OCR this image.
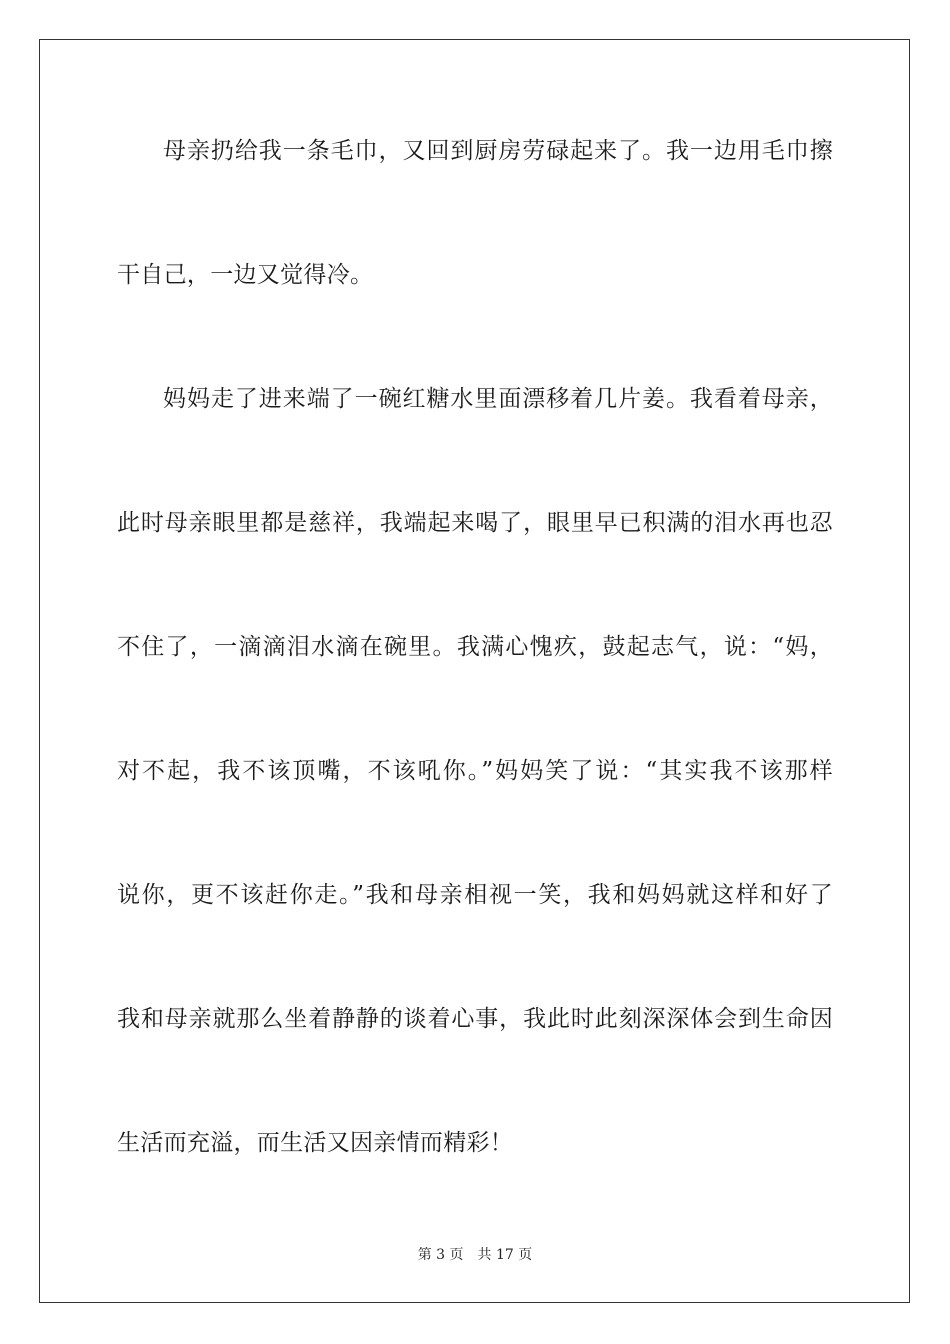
母亲扔给我一条毛巾，又回到厨房劳碌起来了。我一边用毛巾擦
干自己，一边又觉得冷。
妈妈走了进来端了一碗红糖水里面漂移着几片姜。我看着母亲，
此时母亲眼里都是慈祥，我端起来喝了，眼里早已积满的泪水再也忍
不住了，一滴滴泪水滴在碗里。我满心愧疚，鼓起志气，说：“妈，
对不起，我不该顶嘴，不该吼你。”妈妈笑了说：“其实我不该那样
说你，更不该赶你走。”我和母亲相视一笑，我和妈妈就这样和好了
我和母亲就那么坐着静静的谈着心事，我此时此刻深深体会到生命因
生活而充溢，而生活又因亲情而精彩！
第 3 页 共 17 页
